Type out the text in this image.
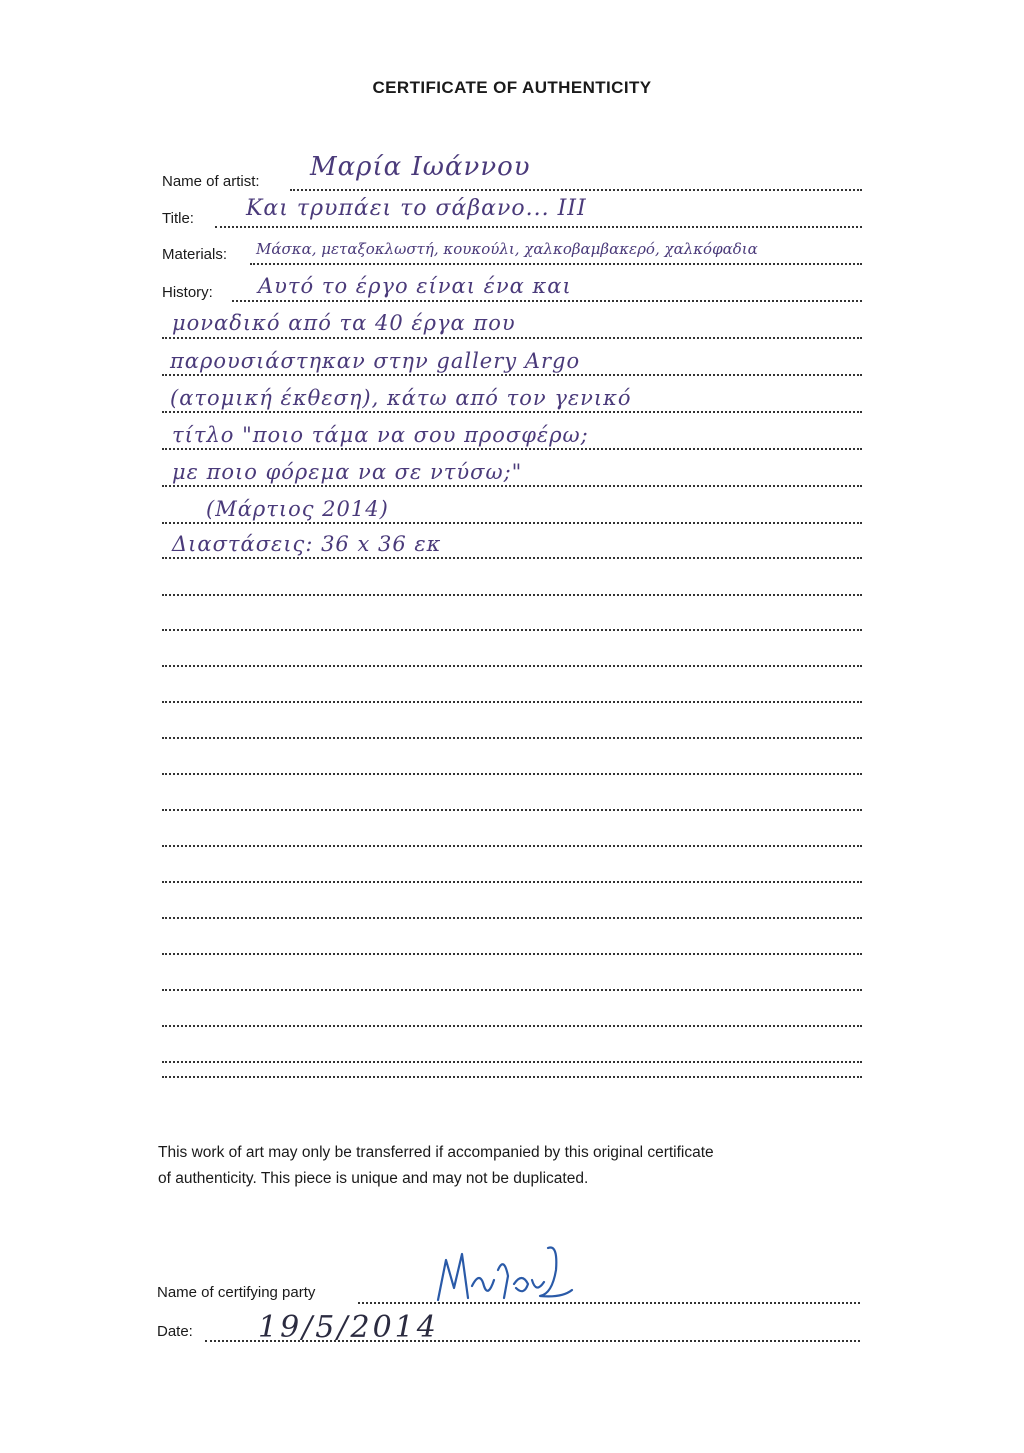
CERTIFICATE OF AUTHENTICITY
Name of artist:
Title:
Materials:
History:
Μαρία Ιωάννου
Και τρυπάει το σάβανο... III
Μάσκα, μεταξοκλωστή, κουκούλι, χαλκοβαμβακερό, χαλκόφαδια
Αυτό το έργο είναι ένα και
μοναδικό από τα 40 έργα που
παρουσιάστηκαν στην gallery Argo
(ατομική έκθεση), κάτω από τον γενικό
τίτλο "ποιο τάμα να σου προσφέρω;
με ποιο φόρεμα να σε ντύσω;"
(Μάρτιος 2014)
Διαστάσεις: 36 x 36 εκ
This work of art may only be transferred if accompanied by this original certificate
of authenticity. This piece is unique and may not be duplicated.
Name of certifying party
Date: 19/5/2014
